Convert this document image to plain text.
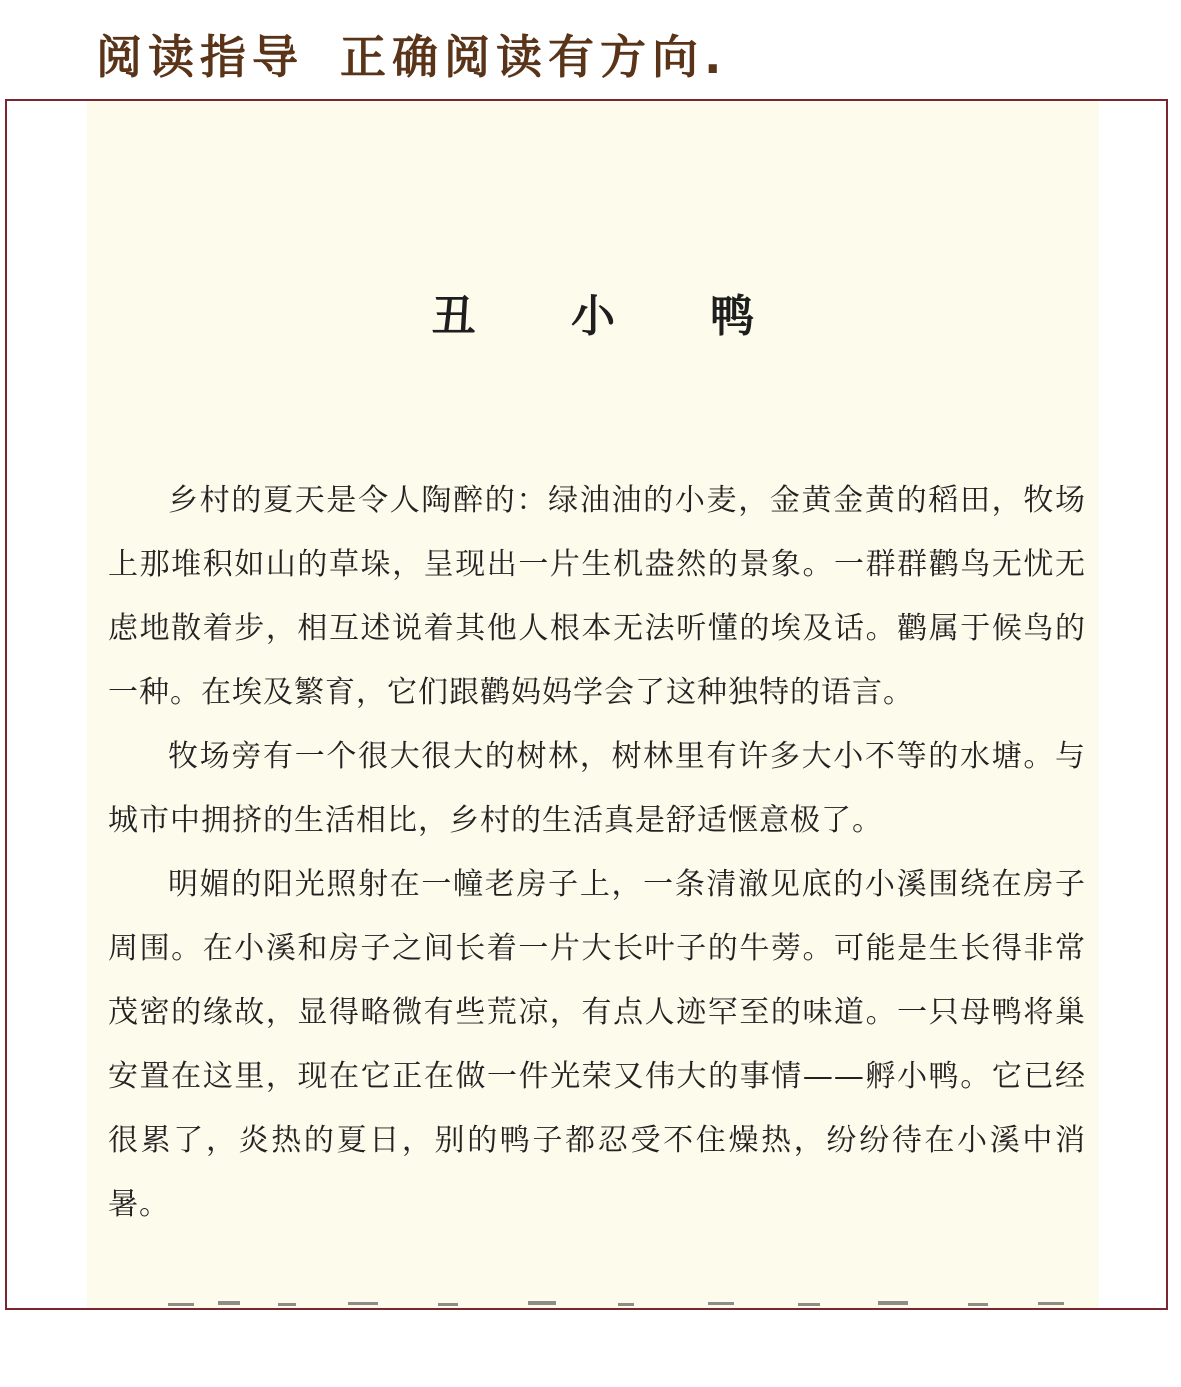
阅读指导 正确阅读有方向.
丑 小 鸭

乡村的夏天是令人陶醉的：绿油油的小麦，金黄金黄的稻田，牧场上那堆积如山的草垛，呈现出一片生机盎然的景象。一群群鹳鸟无忧无虑地散着步，相互述说着其他人根本无法听懂的埃及话。鹳属于候鸟的一种。在埃及繁育，它们跟鹳妈妈学会了这种独特的语言。

牧场旁有一个很大很大的树林，树林里有许多大小不等的水塘。与城市中拥挤的生活相比，乡村的生活真是舒适惬意极了。

明媚的阳光照射在一幢老房子上，一条清澈见底的小溪围绕在房子周围。在小溪和房子之间长着一片大长叶子的牛蒡。可能是生长得非常茂密的缘故，显得略微有些荒凉，有点人迹罕至的味道。一只母鸭将巢安置在这里，现在它正在做一件光荣又伟大的事情——孵小鸭。它已经很累了，炎热的夏日，别的鸭子都忍受不住燥热，纷纷待在小溪中消暑。
